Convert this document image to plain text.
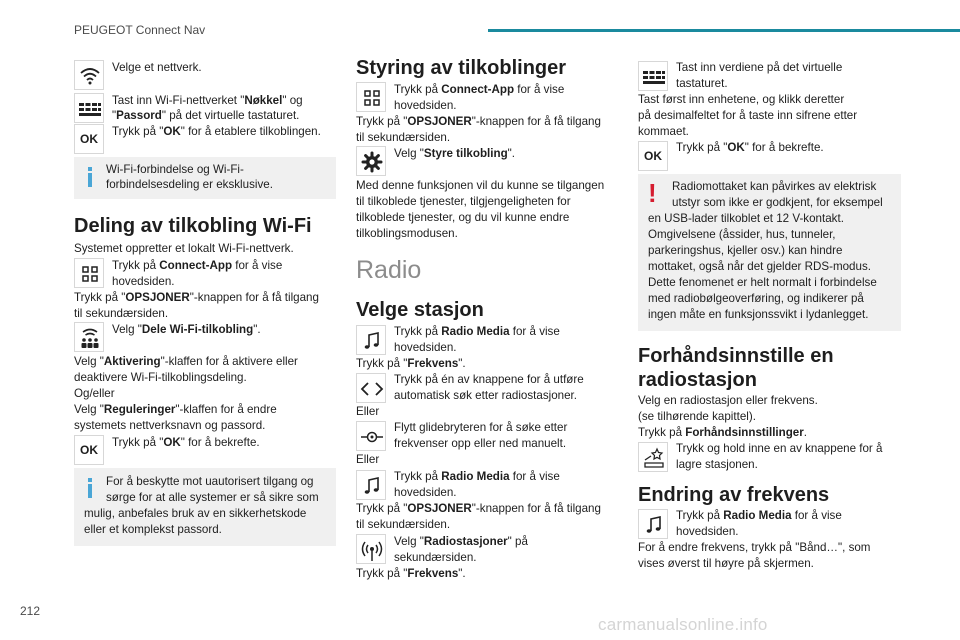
PEUGEOT Connect Nav
Velge et nettverk.
Tast inn Wi-Fi-nettverket "Nøkkel" og
"Passord" på det virtuelle tastaturet.
OK
Trykk på "OK" for å etablere tilkoblingen.
Wi-Fi-forbindelse og Wi-Fi-
forbindelsesdeling er eksklusive.
Deling av tilkobling Wi-Fi
Systemet oppretter et lokalt Wi-Fi-nettverk.
Trykk på Connect-App for å vise
hovedsiden.
Trykk på "OPSJONER"-knappen for å få tilgang
til sekundærsiden.
Velg "Dele Wi-Fi-tilkobling".
Velg "Aktivering"-klaffen for å aktivere eller
deaktivere Wi-Fi-tilkoblingsdeling.
Og/eller
Velg "Reguleringer"-klaffen for å endre
systemets nettverksnavn og passord.
OK
Trykk på "OK" for å bekrefte.
For å beskytte mot uautorisert tilgang og
sørge for at alle systemer er så sikre som
mulig, anbefales bruk av en sikkerhetskode
eller et komplekst passord.
Styring av tilkoblinger
Trykk på Connect-App for å vise
hovedsiden.
Trykk på "OPSJONER"-knappen for å få tilgang
til sekundærsiden.
Velg "Styre tilkobling".
Med denne funksjonen vil du kunne se tilgangen
til tilkoblede tjenester, tilgjengeligheten for
tilkoblede tjenester, og du vil kunne endre
tilkoblingsmodusen.
Radio
Velge stasjon
Trykk på Radio Media for å vise
hovedsiden.
Trykk på "Frekvens".
Trykk på én av knappene for å utføre
automatisk søk etter radiostasjoner.
Eller
Flytt glidebryteren for å søke etter
frekvenser opp eller ned manuelt.
Eller
Trykk på Radio Media for å vise
hovedsiden.
Trykk på "OPSJONER"-knappen for å få tilgang
til sekundærsiden.
Velg "Radiostasjoner" på
sekundærsiden.
Trykk på "Frekvens".
Tast inn verdiene på det virtuelle
tastaturet.
Tast først inn enhetene, og klikk deretter
på desimalfeltet for å taste inn sifrene etter
kommaet.
OK
Trykk på "OK" for å bekrefte.
! Radiomottaket kan påvirkes av elektrisk
utstyr som ikke er godkjent, for eksempel
en USB-lader tilkoblet et 12 V-kontakt.
Omgivelsene (åssider, hus, tunneler,
parkeringshus, kjeller osv.) kan hindre
mottaket, også når det gjelder RDS-modus.
Dette fenomenet er helt normalt i forbindelse
med radiobølgeoverføring, og indikerer på
ingen måte en funksjonssvikt i lydanlegget.
Forhåndsinnstille en
radiostasjon
Velg en radiostasjon eller frekvens.
(se tilhørende kapittel).
Trykk på Forhåndsinnstillinger.
Trykk og hold inne en av knappene for å
lagre stasjonen.
Endring av frekvens
Trykk på Radio Media for å vise
hovedsiden.
For å endre frekvens, trykk på "Bånd…", som
vises øverst til høyre på skjermen.
212
carmanualsonline.info
